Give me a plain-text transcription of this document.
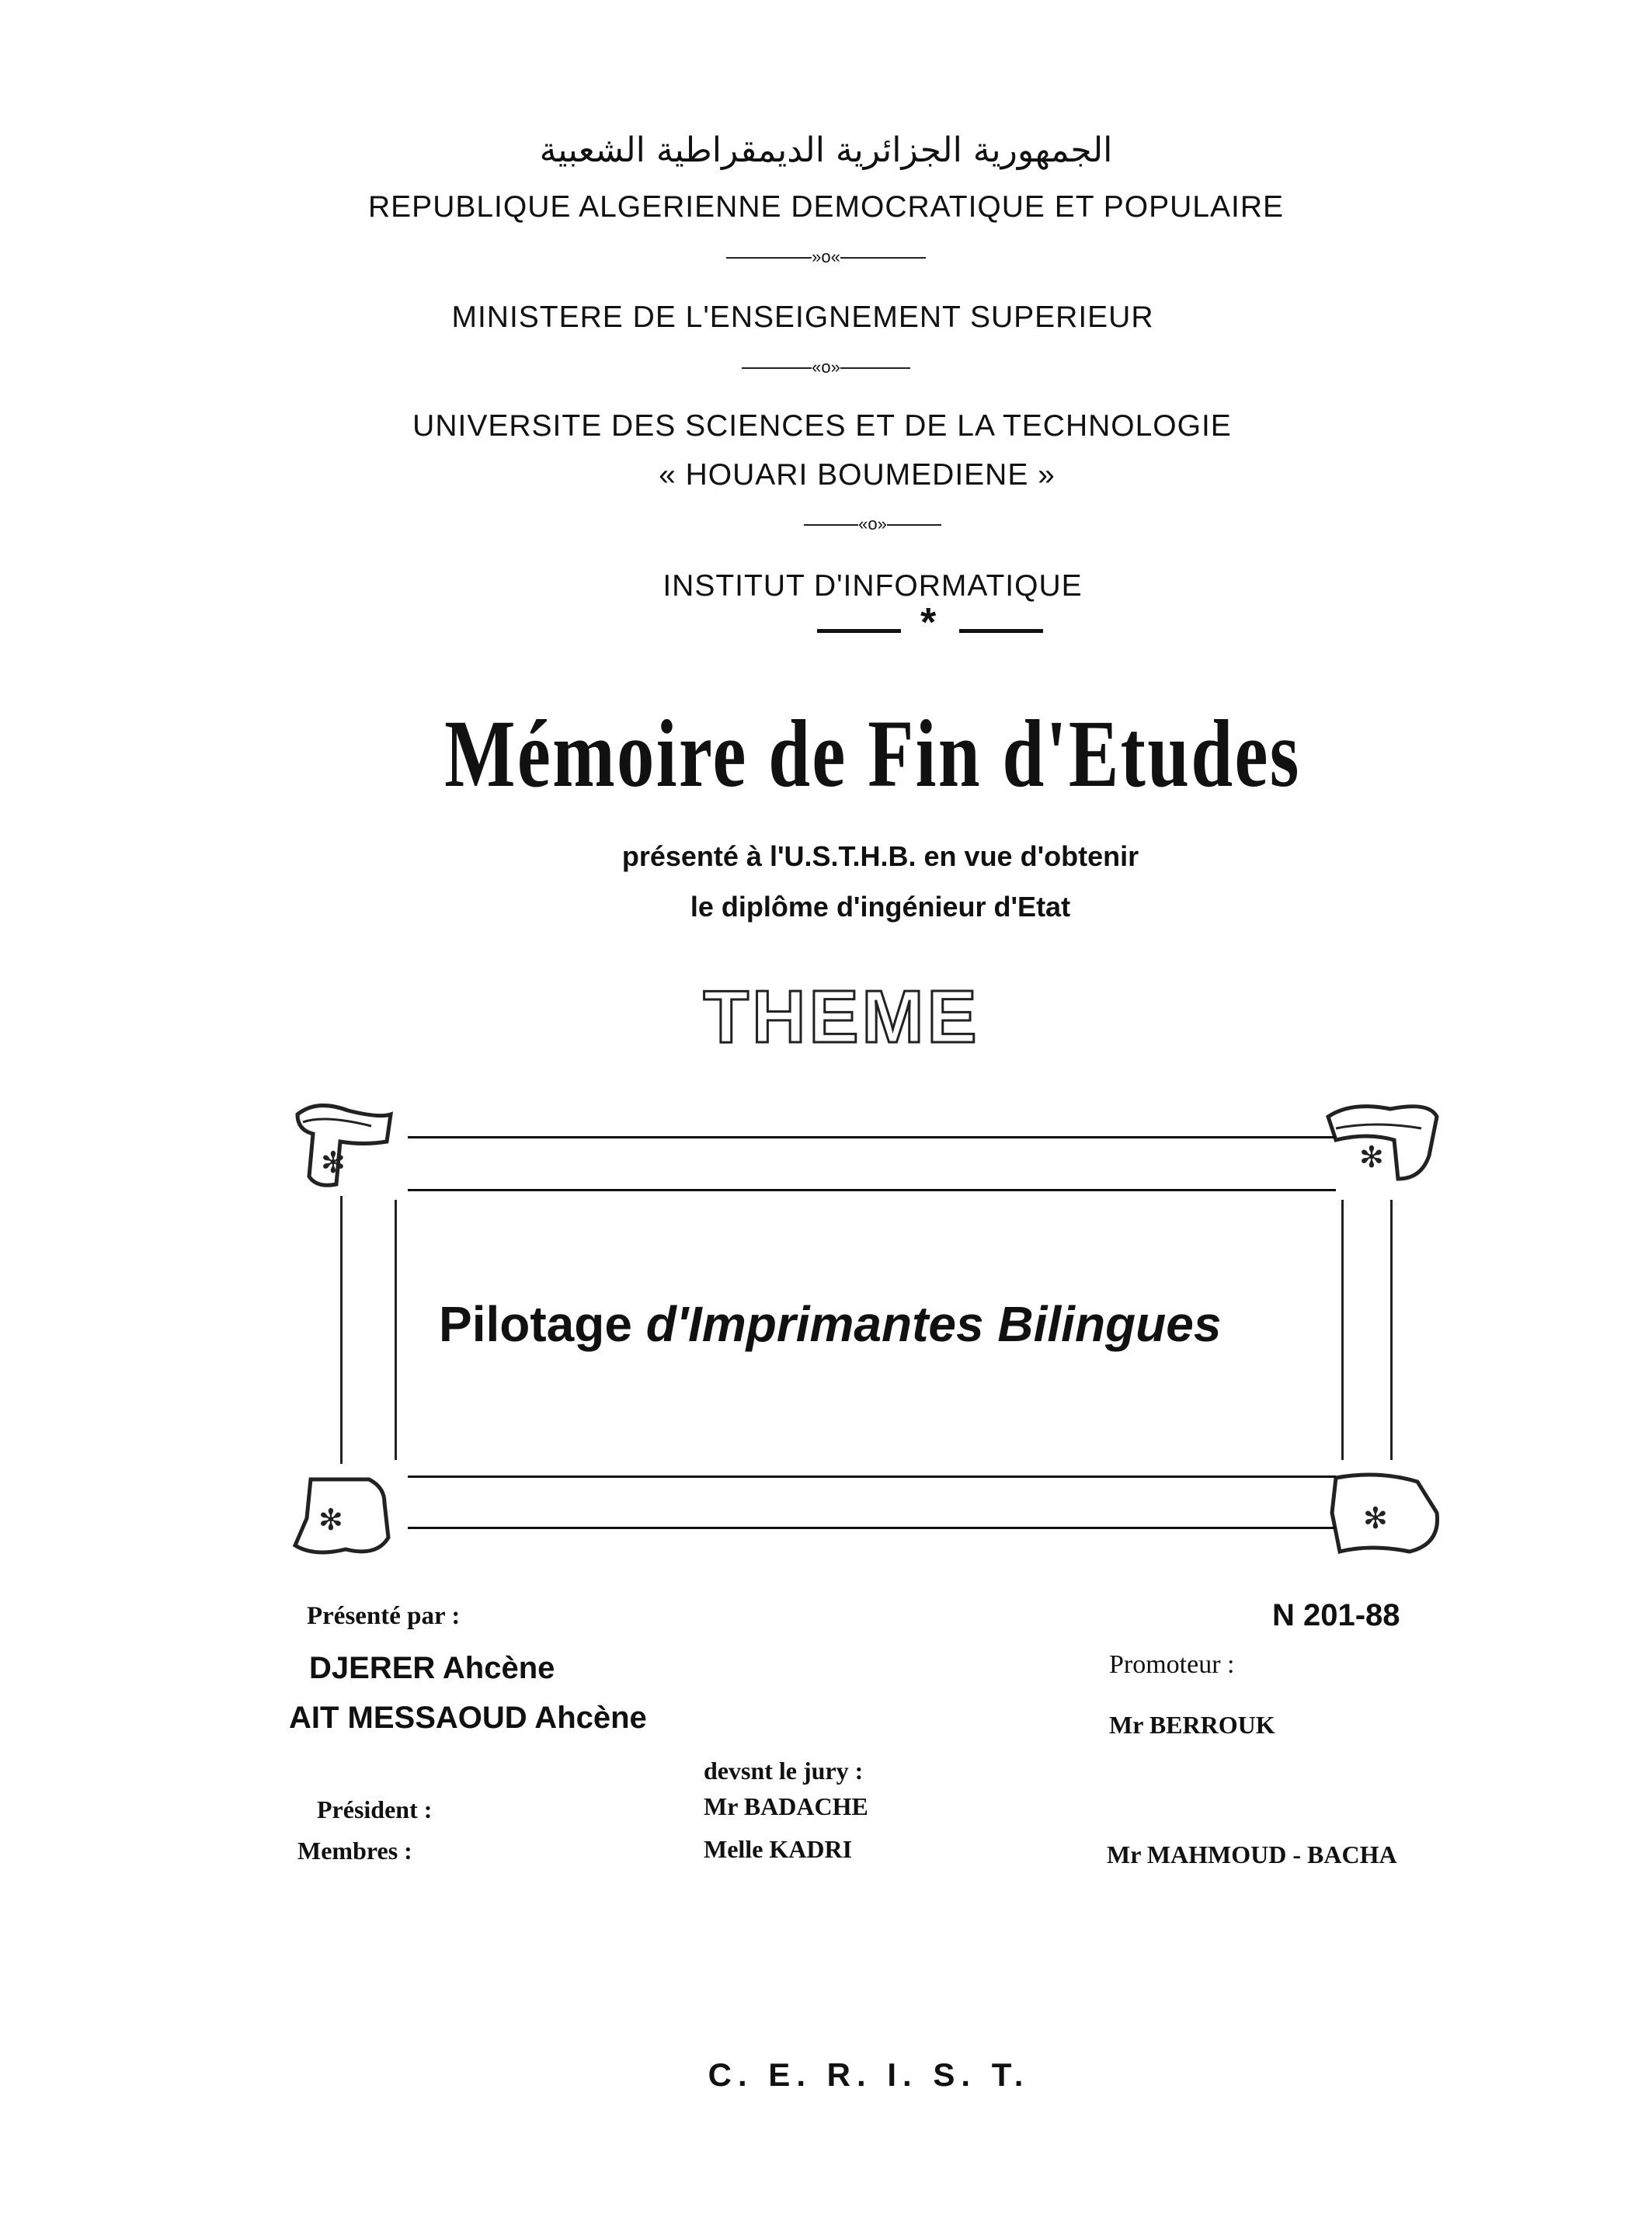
الجمهورية الجزائرية الديمقراطية الشعبية
REPUBLIQUE ALGERIENNE DEMOCRATIQUE ET POPULAIRE
»o«
MINISTERE DE L'ENSEIGNEMENT SUPERIEUR
«o»
UNIVERSITE DES SCIENCES ET DE LA TECHNOLOGIE
« HOUARI BOUMEDIENE »
«o»
INSTITUT D'INFORMATIQUE
*
Mémoire de Fin d'Etudes
présenté à l'U.S.T.H.B. en vue d'obtenir
le diplôme d'ingénieur d'Etat
THEME
✻	✻
✻	✻
Pilotage d'Imprimantes Bilingues
Présenté par :
DJERER Ahcène
AIT MESSAOUD Ahcène
N 201-88
Promoteur :
Mr BERROUK
devsnt le jury :
Président :	Mr BADACHE
Membres :	Melle KADRI	Mr MAHMOUD - BACHA
C. E. R. I. S. T.
